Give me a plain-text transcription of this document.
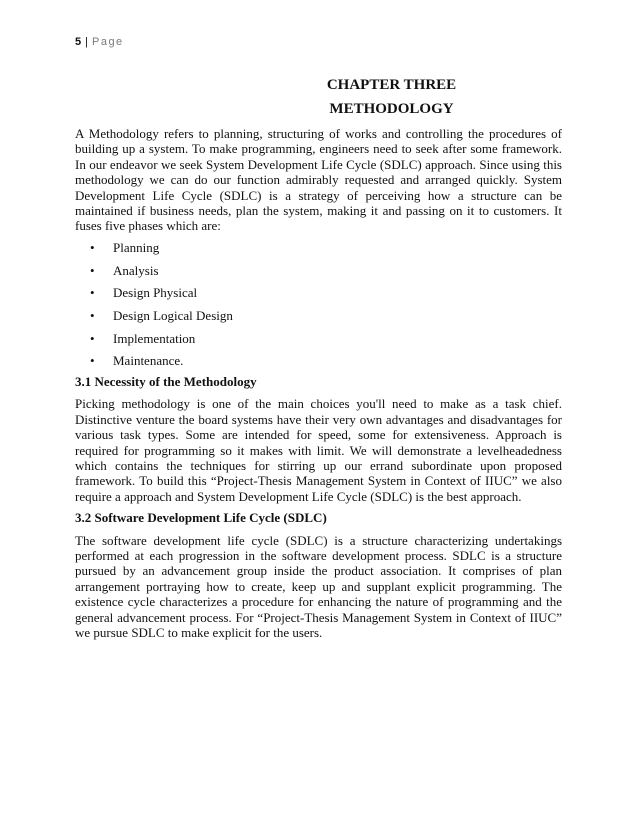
5 | Page
CHAPTER THREE
METHODOLOGY

A Methodology refers to planning, structuring of works and controlling the procedures of building up a system. To make programming, engineers need to seek after some framework. In our endeavor we seek System Development Life Cycle (SDLC) approach. Since using this methodology we can do our function admirably requested and arranged quickly. System Development Life Cycle (SDLC) is a strategy of perceiving how a structure can be maintained if business needs, plan the system, making it and passing on it to customers. It fuses five phases which are:

•	Planning
•	Analysis
•	Design Physical
•	Design Logical Design
•	Implementation
•	Maintenance.
3.1 Necessity of the Methodology

Picking methodology is one of the main choices you'll need to make as a task chief. Distinctive venture the board systems have their very own advantages and disadvantages for various task types. Some are intended for speed, some for extensiveness. Approach is required for programming so it makes with limit. We will demonstrate a levelheadedness which contains the techniques for stirring up our errand subordinate upon proposed framework. To build this “Project-Thesis Management System in Context of IIUC” we also require a approach and System Development Life Cycle (SDLC) is the best approach.

3.2 Software Development Life Cycle (SDLC)

The software development life cycle (SDLC) is a structure characterizing undertakings performed at each progression in the software development process. SDLC is a structure pursued by an advancement group inside the product association. It comprises of plan arrangement portraying how to create, keep up and supplant explicit programming. The existence cycle characterizes a procedure for enhancing the nature of programming and the general advancement process. For “Project-Thesis Management System in Context of IIUC” we pursue SDLC to make explicit for the users.
